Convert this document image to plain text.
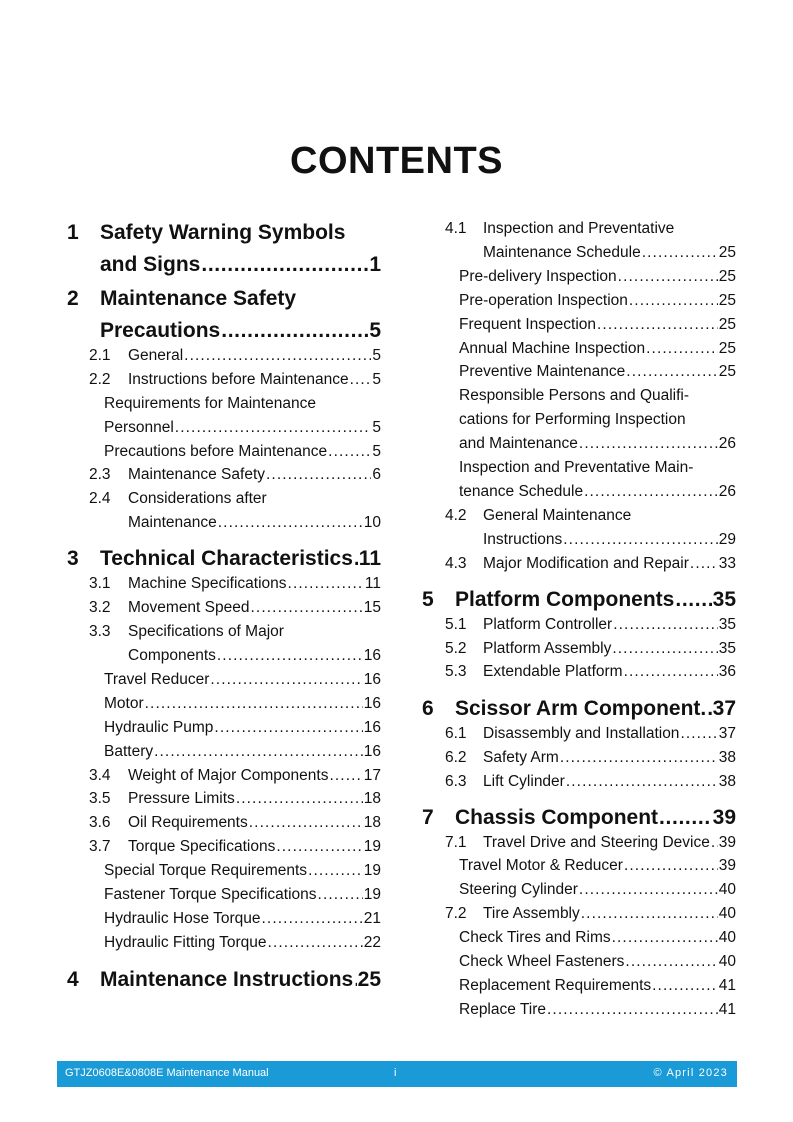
CONTENTS
1 Safety Warning Symbols
and Signs . . .	1
2 Maintenance Safety
Precautions . . .	5
2.1 General . . .	5
2.2 Instructions before Maintenance . . . 5
Requirements for Maintenance
Personnel . . .	5
Precautions before Maintenance . . .	5
2.3 Maintenance Safety . . .	6
2.4 Considerations after
Maintenance . . .	10
3 Technical Characteristics . . . 11
3.1 Machine Specifications . . .	11
3.2 Movement Speed . . .	15
3.3 Specifications of Major
Components . . .	16
Travel Reducer . . .	16
Motor . . .	16
Hydraulic Pump . . .	16
Battery . . .	16
3.4 Weight of Major Components . . . 17
3.5 Pressure Limits . . .	18
3.6 Oil Requirements . . .	18
3.7 Torque Specifications . . .	19
Special Torque Requirements . . .	19
Fastener Torque Specifications . . .	19
Hydraulic Hose Torque . . .	21
Hydraulic Fitting Torque . . .	22
4 Maintenance Instructions . . . 25
4.1 Inspection and Preventative
Maintenance Schedule . . .	25
Pre-delivery Inspection . . .	25
Pre-operation Inspection . . .	25
Frequent Inspection . . .	25
Annual Machine Inspection . . .	25
Preventive Maintenance . . .	25
Responsible Persons and Qualifi-
cations for Performing Inspection
and Maintenance . . .	26
Inspection and Preventative Main-
tenance Schedule . . .	26
4.2 General Maintenance
Instructions . . .	29
4.3 Major Modification and Repair . . . 33
5 Platform Components . . . 35
5.1 Platform Controller . . .	35
5.2 Platform Assembly . . .	35
5.3 Extendable Platform . . .	36
6 Scissor Arm Component. . . . 37
6.1 Disassembly and Installation . . .	37
6.2 Safety Arm . . .	38
6.3 Lift Cylinder . . .	38
7 Chassis Component . . .	39
7.1 Travel Drive and Steering Device . . . 39
Travel Motor & Reducer . . .	39
Steering Cylinder . . .	40
7.2 Tire Assembly . . .	40
Check Tires and Rims . . .	40
Check Wheel Fasteners . . .	40
Replacement Requirements . . .	41
Replace Tire . . .	41
GTJZ0608E&0808E Maintenance Manual	i	© April 2023
